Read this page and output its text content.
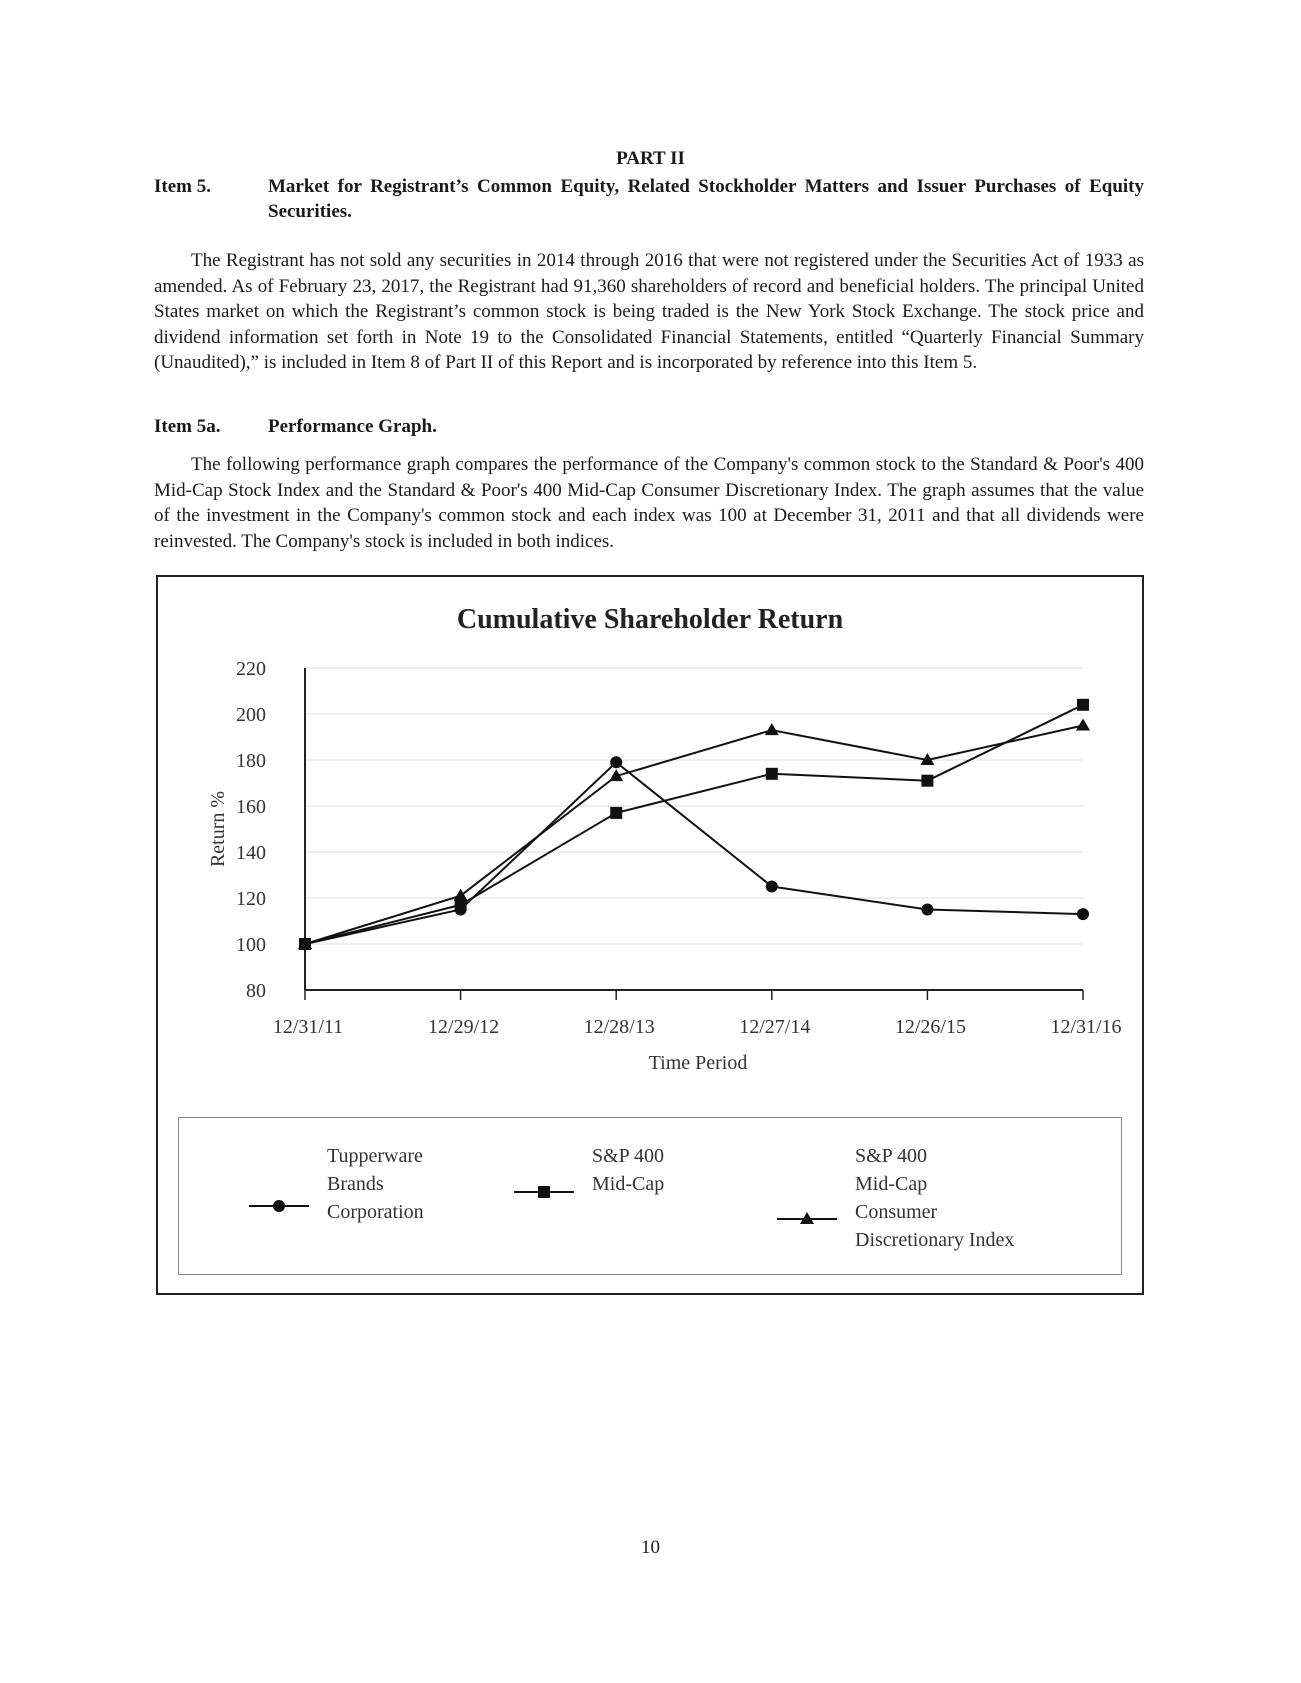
PART II
Item 5.	Market for Registrant’s Common Equity, Related Stockholder Matters and Issuer Purchases of Equity Securities.

The Registrant has not sold any securities in 2014 through 2016 that were not registered under the Securities Act of 1933 as amended. As of February 23, 2017, the Registrant had 91,360 shareholders of record and beneficial holders. The principal United States market on which the Registrant’s common stock is being traded is the New York Stock Exchange. The stock price and dividend information set forth in Note 19 to the Consolidated Financial Statements, entitled “Quarterly Financial Summary (Unaudited),” is included in Item 8 of Part II of this Report and is incorporated by reference into this Item 5.

Item 5a.	Performance Graph.

The following performance graph compares the performance of the Company's common stock to the Standard & Poor's 400 Mid-Cap Stock Index and the Standard & Poor's 400 Mid-Cap Consumer Discretionary Index. The graph assumes that the value of the investment in the Company's common stock and each index was 100 at December 31, 2011 and that all dividends were reinvested. The Company's stock is included in both indices.

Cumulative Shareholder Return
80
100
120
140
160
180
200
220
12/31/11	12/29/12	12/28/13	12/27/14	12/26/15	12/31/16
Time Period
Return %
Tupperware
Brands
Corporation
S&P 400
Mid-Cap
S&P 400
Mid-Cap
Consumer
Discretionary Index
10
